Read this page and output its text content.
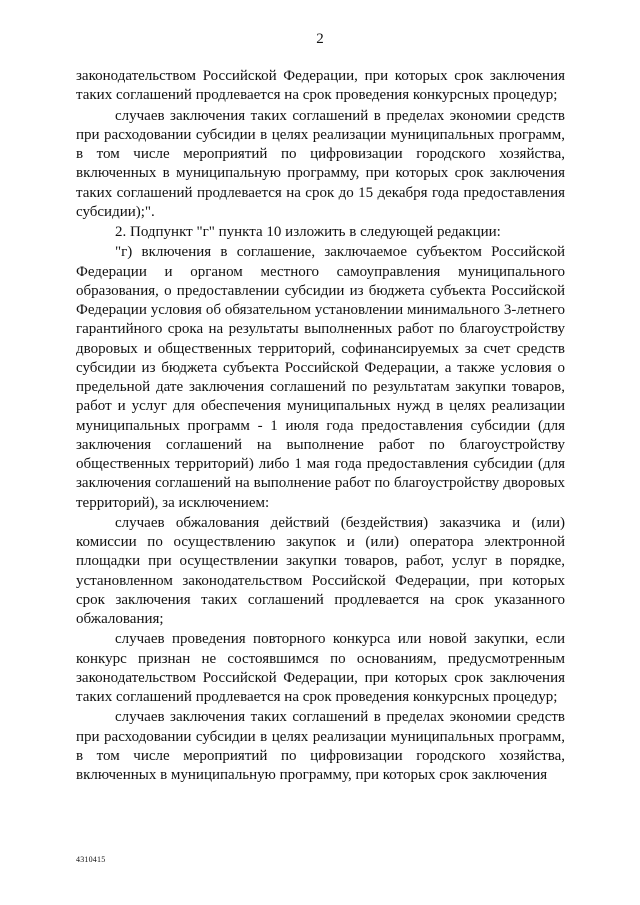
2

законодательством Российской Федерации, при которых срок заключения таких соглашений продлевается на срок проведения конкурсных процедур;

случаев заключения таких соглашений в пределах экономии средств при расходовании субсидии в целях реализации муниципальных программ, в том числе мероприятий по цифровизации городского хозяйства, включенных в муниципальную программу, при которых срок заключения таких соглашений продлевается на срок до 15 декабря года предоставления субсидии);".

2. Подпункт "г" пункта 10 изложить в следующей редакции:

"г) включения в соглашение, заключаемое субъектом Российской Федерации и органом местного самоуправления муниципального образования, о предоставлении субсидии из бюджета субъекта Российской Федерации условия об обязательном установлении минимального 3-летнего гарантийного срока на результаты выполненных работ по благоустройству дворовых и общественных территорий, софинансируемых за счет средств субсидии из бюджета субъекта Российской Федерации, а также условия о предельной дате заключения соглашений по результатам закупки товаров, работ и услуг для обеспечения муниципальных нужд в целях реализации муниципальных программ - 1 июля года предоставления субсидии (для заключения соглашений на выполнение работ по благоустройству общественных территорий) либо 1 мая года предоставления субсидии (для заключения соглашений на выполнение работ по благоустройству дворовых территорий), за исключением:

случаев обжалования действий (бездействия) заказчика и (или) комиссии по осуществлению закупок и (или) оператора электронной площадки при осуществлении закупки товаров, работ, услуг в порядке, установленном законодательством Российской Федерации, при которых срок заключения таких соглашений продлевается на срок указанного обжалования;

случаев проведения повторного конкурса или новой закупки, если конкурс признан не состоявшимся по основаниям, предусмотренным законодательством Российской Федерации, при которых срок заключения таких соглашений продлевается на срок проведения конкурсных процедур;

случаев заключения таких соглашений в пределах экономии средств при расходовании субсидии в целях реализации муниципальных программ, в том числе мероприятий по цифровизации городского хозяйства, включенных в муниципальную программу, при которых срок заключения

4310415
